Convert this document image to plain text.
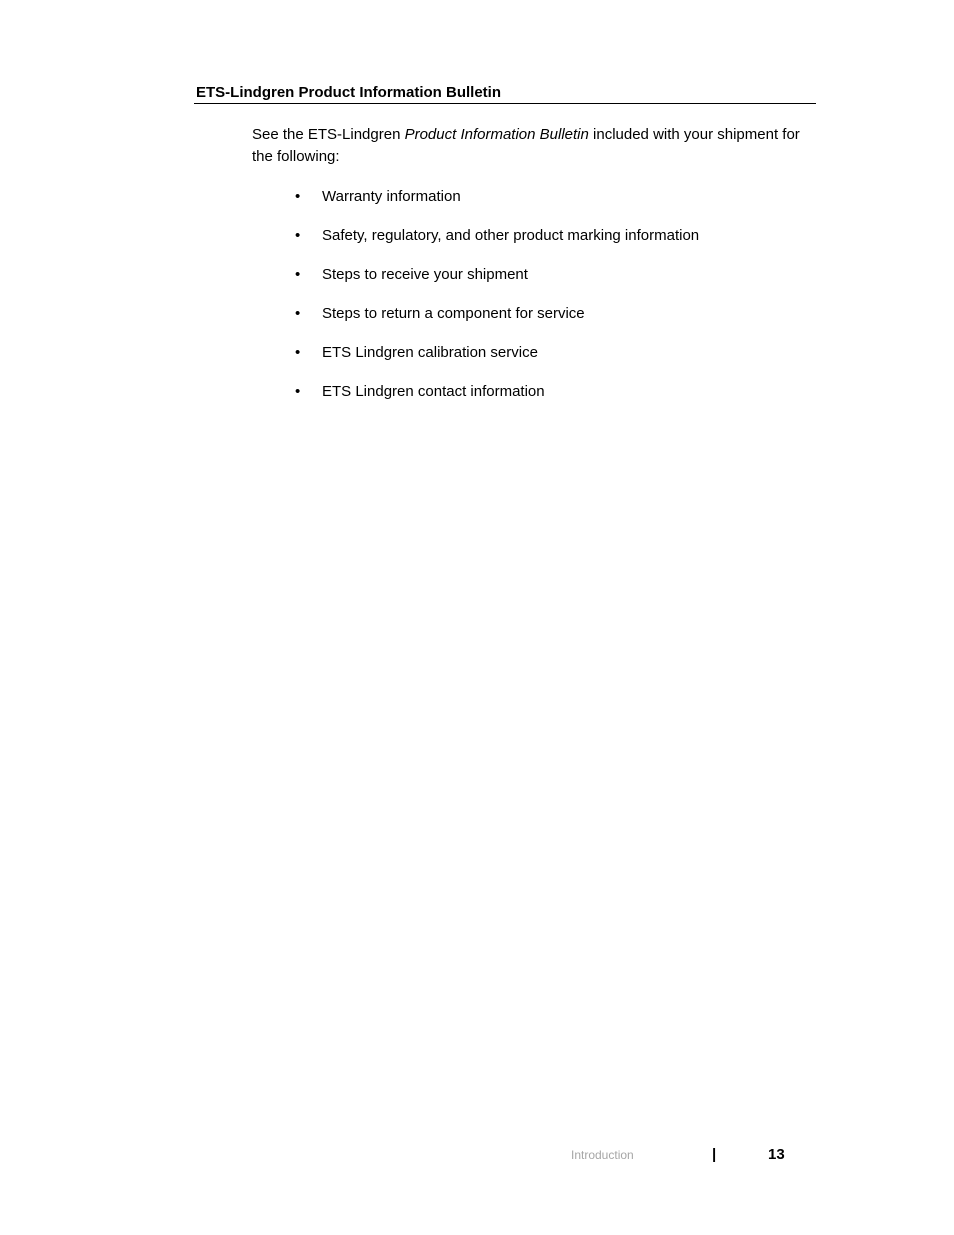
ETS-Lindgren Product Information Bulletin

See the ETS-Lindgren Product Information Bulletin included with your shipment for the following:

• Warranty information
• Safety, regulatory, and other product marking information
• Steps to receive your shipment
• Steps to return a component for service
• ETS Lindgren calibration service
• ETS Lindgren contact information
Introduction	|	13
